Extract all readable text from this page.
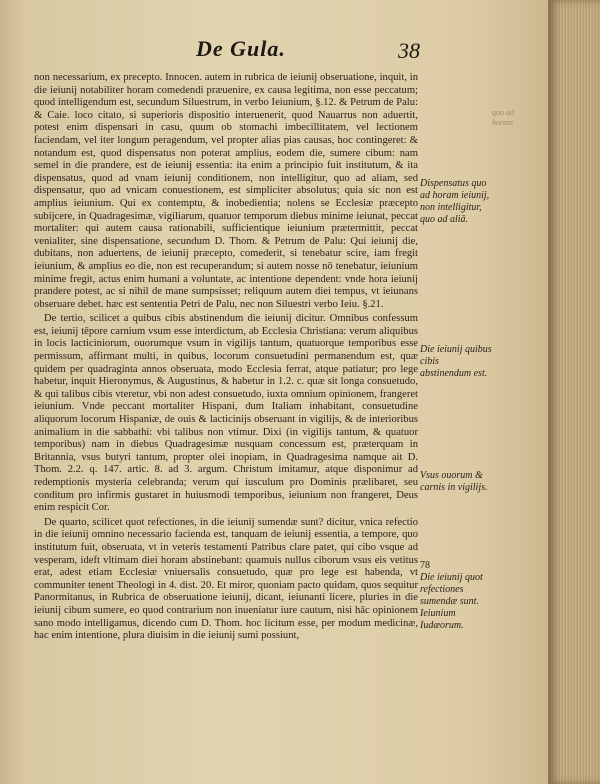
De Gula.	38

non necessarium, ex precepto. Innocen. autem in rubrica de ieiunij obseruatione, inquit, in die ieiunij notabiliter horam comedendi præuenire, ex causa legitima, non esse peccatum; quod intelligendum est, secundum Siluestrum, in verbo Ieiunium, §.12. & Petrum de Palu: & Caie. loco citato, si superioris dispositio interuenerit, quod Nauarrus non aduertit, potest enim dispensari in casu, quum ob stomachi imbecillitatem, vel lectionem faciendam, vel iter longum peragendum, vel propter alias pias causas, hoc contingeret: & notandum est, quod dispensatus non poterat amplius, eodem die, sumere cibum: nam semel in die prandere, est de ieiunij essentia: ita enim a principio fuit institutum, & ita dispensatus, quod ad vnam ieiunij conditionem, non intelligitur, quo ad aliam, sed dispensatur, quo ad vnicam conuestionem, est simpliciter absolutus; quia sic non est amplius ieiunium. Qui ex contemptu, & inobedientia; nolens se Ecclesiæ præcepto subijcere, in Quadragesimæ, vigiliarum, quatuor temporum diebus minime ieiunat, peccat mortaliter: qui autem causa rationabili, sufficientique ieiunium prætermittit, peccat venialiter, sine dispensatione, secundum D. Thom. & Petrum de Palu: Qui ieiunij die, dubitans, non aduertens, de ieiunij præcepto, comederit, si tenebatur scire, iam fregit ieiunium, & amplius eo die, non est recuperandum; si autem nosse nō tenebatur, ieiunium minime fregit, actus enim humani a voluntate, ac intentione dependent: vnde hora ieiunij prandere potest, ac si nihil de mane sumpsisset; reliquum autem diei tempus, vt ieiunans obseruare debet. hæc est sententia Petri de Palu, nec non Siluestri verbo Ieiu. §.21.

De tertio, scilicet a quibus cibis abstinendum die ieiunij dicitur. Omnibus confessum est, ieiunij tēpore carnium vsum esse interdictum, ab Ecclesia Christiana: verum aliquibus in locis lacticiniorum, ouorumque vsum in vigilijs tantum, quatuorque temporibus esse permissum, affirmant multi, in quibus, locorum consuetudini permanendum est, quæ quidem per quadraginta annos obseruata, modo Ecclesia ferrat, atque patiatur; pro lege habetur, inquit Hieronymus, & Augustinus, & habetur in 1.2. c. quæ sit longa consuetudo, & qui talibus cibis vteretur, vbi non adest consuetudo, iuxta omnium opinionem, frangeret ieiunium. Vnde peccant mortaliter Hispani, dum Italiam inhabitant, consuetudine aliquorum locorum Hispaniæ, de ouis & lacticinijs obseruant in vigilijs, & de interioribus animalium in die sabbathi: vbi talibus non vtimur. Dixi (in vigilijs tantum, & quatuor temporibus) nam in diebus Quadragesimæ nusquam concessum est, præterquam in Britannia, vsus butyri tantum, propter olei inopiam, in Quadragesima namque ait D. Thom. 2.2. q. 147. artic. 8. ad 3. argum. Christum imitamur, atque disponimur ad redemptionis mysteria celebranda; verum qui iusculum pro Dominis prælibaret, seu conditum pro infirmis gustaret in huiusmodi temporibus, ieiunium non frangeret, Deus enim respicit Cor.

De quarto, scilicet quot refectiones, in die ieiunij sumendæ sunt? dicitur, vnica refectio in die ieiunij omnino necessario facienda est, tanquam de ieiunij essentia, a tempore, quo institutum fuit, obseruata, vt in veteris testamenti Patribus clare patet, qui cibo vsque ad vesperam, ideft vltimam diei horam abstinebant: quamuis nullus ciborum vsus eis vetitus erat, adest etiam Ecclesiæ vniuersalis consuetudo, quæ pro lege est habenda, vt communiter tenent Theologi in 4. dist. 20. Et miror, quoniam pacto quidam, quos sequitur Panormitanus, in Rubrica de obseruatione ieiunij, dicant, ieiunanti licere, pluries in die ieiunij cibum sumere, eo quod contrarium non inueniatur iure cautum, nisi hāc opinionem sano modo intelligamus, dicendo cum D. Thom. hoc licitum esse, per modum medicinæ, hac enim intentione, plura diuisim in die ieiunij sumi possiunt,

Dispensatus quo ad horam ieiunij, non intelligitur, quo ad aliā.
Die ieiunij quibus cibis abstinendum est.
Vsus ouorum & carnis in vigilijs.
78
Die ieiunij quot refectiones sumendæ sunt. Ieiunium Iudæorum.
quo ad horam
